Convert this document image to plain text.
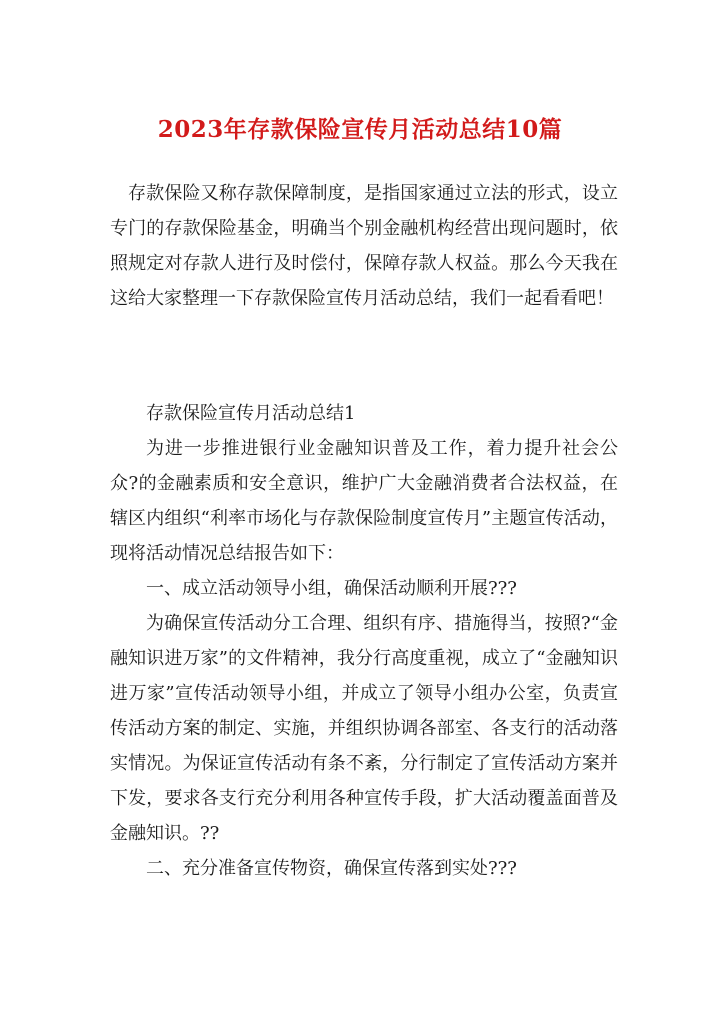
2023年存款保险宣传月活动总结10篇

存款保险又称存款保障制度，是指国家通过立法的形式，设立专门的存款保险基金，明确当个别金融机构经营出现问题时，依照规定对存款人进行及时偿付，保障存款人权益。那么今天我在这给大家整理一下存款保险宣传月活动总结，我们一起看看吧！

存款保险宣传月活动总结1

为进一步推进银行业金融知识普及工作，着力提升社会公众?的金融素质和安全意识，维护广大金融消费者合法权益，在辖区内组织“利率市场化与存款保险制度宣传月”主题宣传活动，现将活动情况总结报告如下：

一、成立活动领导小组，确保活动顺利开展???

为确保宣传活动分工合理、组织有序、措施得当，按照?“金融知识进万家”的文件精神，我分行高度重视，成立了“金融知识进万家”宣传活动领导小组，并成立了领导小组办公室，负责宣传活动方案的制定、实施，并组织协调各部室、各支行的活动落实情况。为保证宣传活动有条不紊，分行制定了宣传活动方案并下发，要求各支行充分利用各种宣传手段，扩大活动覆盖面普及金融知识。??

二、充分准备宣传物资，确保宣传落到实处???
